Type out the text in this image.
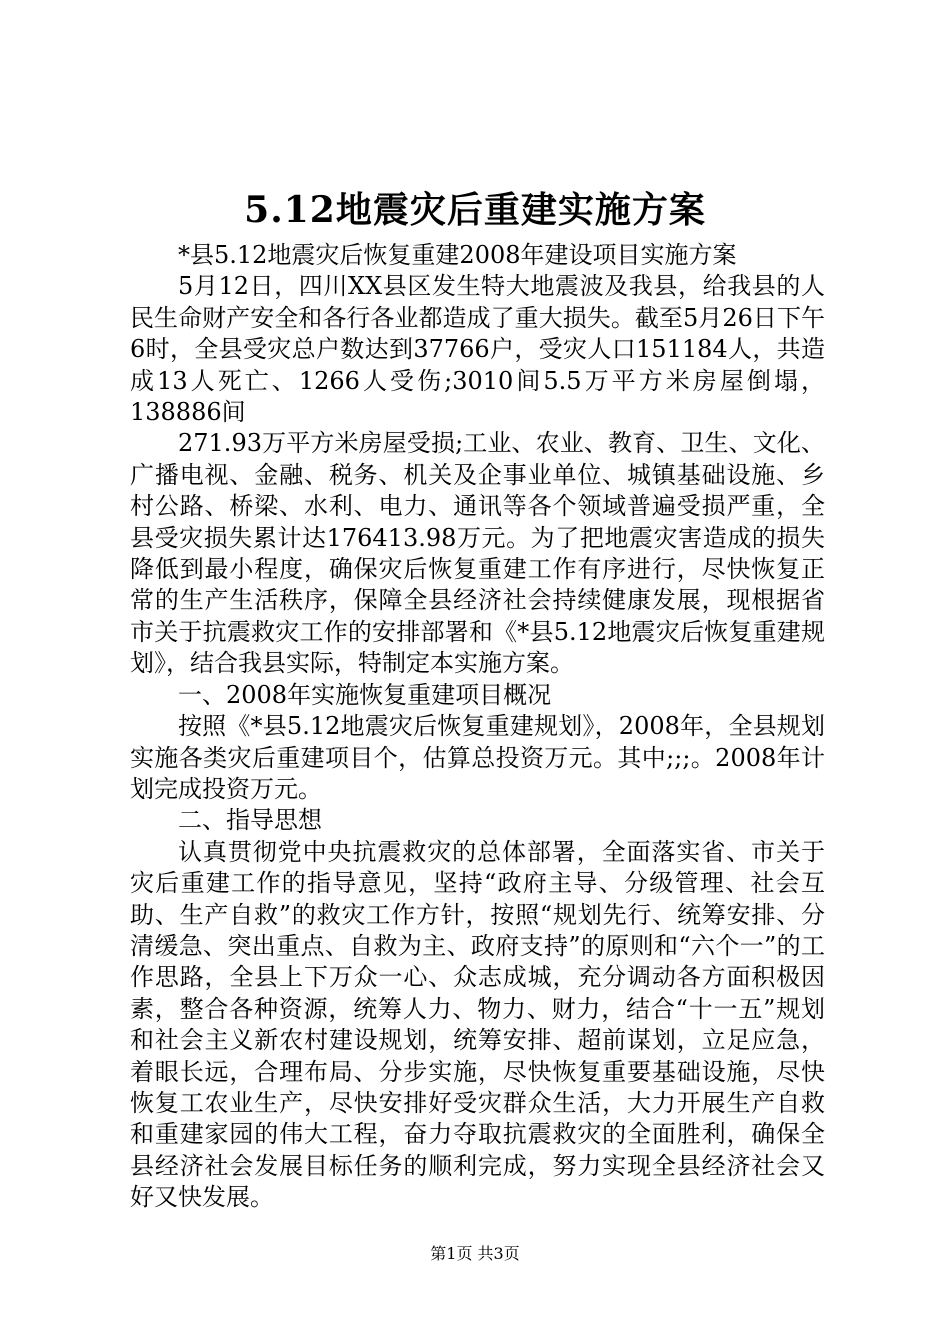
5.12地震灾后重建实施方案

*县5.12地震灾后恢复重建2008年建设项目实施方案

5月12日，四川XX县区发生特大地震波及我县，给我县的人民生命财产安全和各行各业都造成了重大损失。截至5月26日下午6时，全县受灾总户数达到37766户，受灾人口151184人，共造成13人死亡、1266人受伤;3010间5.5万平方米房屋倒塌，138886间

271.93万平方米房屋受损;工业、农业、教育、卫生、文化、广播电视、金融、税务、机关及企事业单位、城镇基础设施、乡村公路、桥梁、水利、电力、通讯等各个领域普遍受损严重，全县受灾损失累计达176413.98万元。为了把地震灾害造成的损失降低到最小程度，确保灾后恢复重建工作有序进行，尽快恢复正常的生产生活秩序，保障全县经济社会持续健康发展，现根据省市关于抗震救灾工作的安排部署和《*县5.12地震灾后恢复重建规划》，结合我县实际，特制定本实施方案。

一、2008年实施恢复重建项目概况

按照《*县5.12地震灾后恢复重建规划》，2008年，全县规划实施各类灾后重建项目个，估算总投资万元。其中;;;。2008年计划完成投资万元。

二、指导思想

认真贯彻党中央抗震救灾的总体部署，全面落实省、市关于灾后重建工作的指导意见，坚持“政府主导、分级管理、社会互助、生产自救”的救灾工作方针，按照“规划先行、统筹安排、分清缓急、突出重点、自救为主、政府支持”的原则和“六个一”的工作思路，全县上下万众一心、众志成城，充分调动各方面积极因素，整合各种资源，统筹人力、物力、财力，结合“十一五”规划和社会主义新农村建设规划，统筹安排、超前谋划，立足应急，着眼长远，合理布局、分步实施，尽快恢复重要基础设施，尽快恢复工农业生产，尽快安排好受灾群众生活，大力开展生产自救和重建家园的伟大工程，奋力夺取抗震救灾的全面胜利，确保全县经济社会发展目标任务的顺利完成，努力实现全县经济社会又好又快发展。

第1页 共3页
